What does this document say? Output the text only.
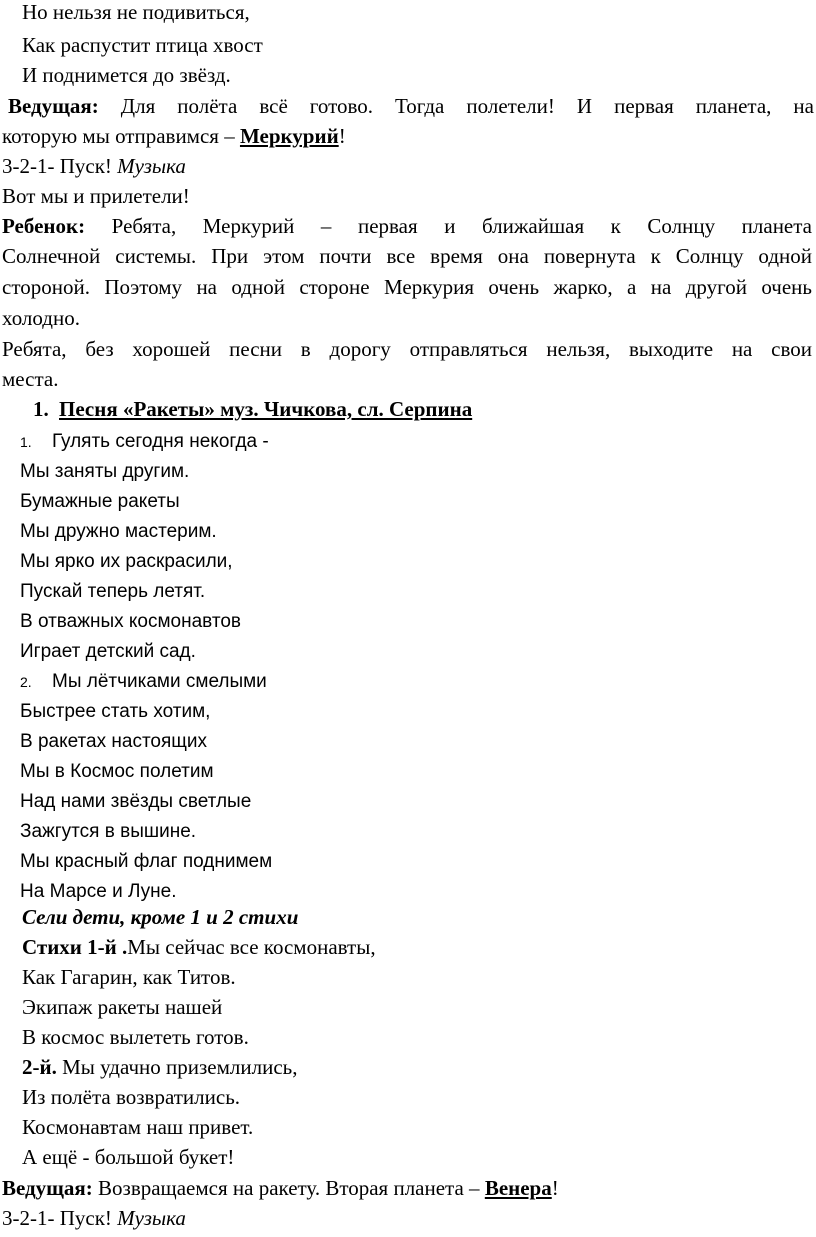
Но нельзя не подивиться,
Как распустит птица хвост
И поднимется до звёзд.
Ведущая: Для полёта всё готово. Тогда полетели! И первая планета, на
которую мы отправимся – Меркурий!
3-2-1- Пуск! Музыка
Вот мы и прилетели!
Ребенок: Ребята, Меркурий – первая и ближайшая к Солнцу планета
Солнечной системы. При этом почти все время она повернута к Солнцу одной
стороной. Поэтому на одной стороне Меркурия очень жарко, а на другой очень
холодно.
Ребята, без хорошей песни в дорогу отправляться нельзя, выходите на свои
места.
1. Песня «Ракеты» муз. Чичкова, сл. Серпина
1. Гулять сегодня некогда -
Мы заняты другим.
Бумажные ракеты
Мы дружно мастерим.
Мы ярко их раскрасили,
Пускай теперь летят.
В отважных космонавтов
Играет детский сад.
2. Мы лётчиками смелыми
Быстрее стать хотим,
В ракетах настоящих
Мы в Космос полетим
Над нами звёзды светлые
Зажгутся в вышине.
Мы красный флаг поднимем
На Марсе и Луне.
Сели дети, кроме 1 и 2 стихи
Стихи 1-й .Мы сейчас все космонавты,
Как Гагарин, как Титов.
Экипаж ракеты нашей
В космос вылететь готов.
2-й. Мы удачно приземлились,
Из полёта возвратились.
Космонавтам наш привет.
А ещё - большой букет!
Ведущая: Возвращаемся на ракету. Вторая планета – Венера!
3-2-1- Пуск! Музыка
